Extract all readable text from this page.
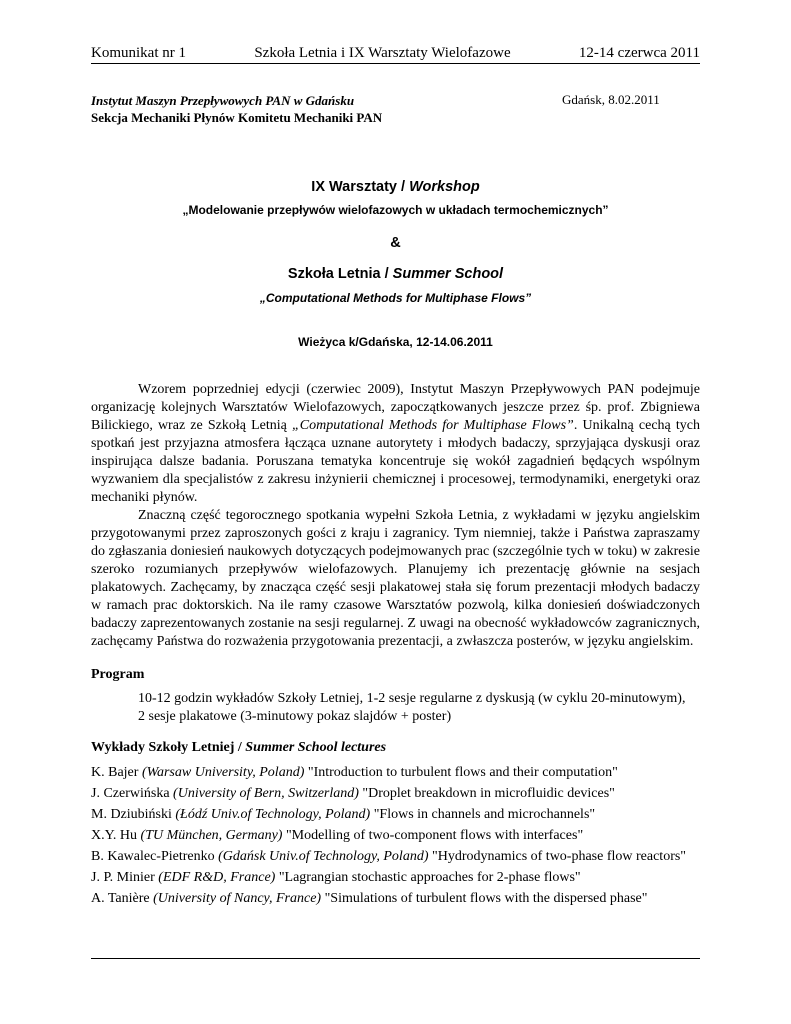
Komunikat nr 1	Szkoła Letnia i IX Warsztaty Wielofazowe	12-14 czerwca 2011
Instytut Maszyn Przepływowych PAN w Gdańsku
Sekcja Mechaniki Płynów Komitetu Mechaniki PAN
Gdańsk, 8.02.2011
IX Warsztaty / Workshop
„Modelowanie przepływów wielofazowych w układach termochemicznych”
&
Szkoła Letnia / Summer School
„Computational Methods for Multiphase Flows”
Wieżyca k/Gdańska, 12-14.06.2011

Wzorem poprzedniej edycji (czerwiec 2009), Instytut Maszyn Przepływowych PAN podejmuje organizację kolejnych Warsztatów Wielofazowych, zapoczątkowanych jeszcze przez śp. prof. Zbigniewa Bilickiego, wraz ze Szkołą Letnią „Computational Methods for Multiphase Flows”. Unikalną cechą tych spotkań jest przyjazna atmosfera łącząca uznane autorytety i młodych badaczy, sprzyjająca dyskusji oraz inspirująca dalsze badania. Poruszana tematyka koncentruje się wokół zagadnień będących wspólnym wyzwaniem dla specjalistów z zakresu inżynierii chemicznej i procesowej, termodynamiki, energetyki oraz mechaniki płynów.

Znaczną część tegorocznego spotkania wypełni Szkoła Letnia, z wykładami w języku angielskim przygotowanymi przez zaproszonych gości z kraju i zagranicy. Tym niemniej, także i Państwa zapraszamy do zgłaszania doniesień naukowych dotyczących podejmowanych prac (szczególnie tych w toku) w zakresie szeroko rozumianych przepływów wielofazowych. Planujemy ich prezentację głównie na sesjach plakatowych. Zachęcamy, by znacząca część sesji plakatowej stała się forum prezentacji młodych badaczy w ramach prac doktorskich. Na ile ramy czasowe Warsztatów pozwolą, kilka doniesień doświadczonych badaczy zaprezentowanych zostanie na sesji regularnej. Z uwagi na obecność wykładowców zagranicznych, zachęcamy Państwa do rozważenia przygotowania prezentacji, a zwłaszcza posterów, w języku angielskim.

Program
10-12 godzin wykładów Szkoły Letniej, 1-2 sesje regularne z dyskusją (w cyklu 20-minutowym),
2 sesje plakatowe (3-minutowy pokaz slajdów + poster)
Wykłady Szkoły Letniej / Summer School lectures
K. Bajer (Warsaw University, Poland) "Introduction to turbulent flows and their computation"
J. Czerwińska (University of Bern, Switzerland) "Droplet breakdown in microfluidic devices"
M. Dziubiński (Łódź Univ.of Technology, Poland) "Flows in channels and microchannels"
X.Y. Hu (TU München, Germany) "Modelling of two-component flows with interfaces"
B. Kawalec-Pietrenko (Gdańsk Univ.of Technology, Poland) "Hydrodynamics of two-phase flow reactors"
J. P. Minier (EDF R&D, France) "Lagrangian stochastic approaches for 2-phase flows"
A. Tanière (University of Nancy, France) "Simulations of turbulent flows with the dispersed phase"
